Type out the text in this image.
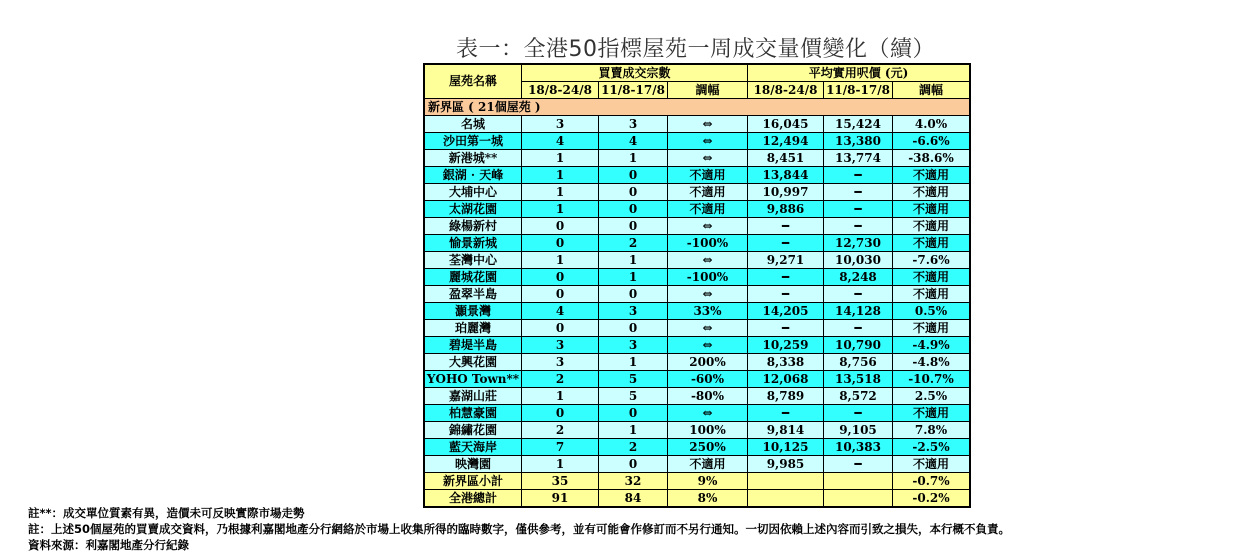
表一：全港50指標屋苑一周成交量價變化（續）
屋苑名稱	買賣成交宗數			平均實用呎價 (元)		
	18/8-24/8	11/8-17/8	調幅	18/8-24/8	11/8-17/8	調幅
新界區 ( 21個屋苑 )						
名城	3	3	⇔	16,045	15,424	4.0%
沙田第一城	4	4	⇔	12,494	13,380	-6.6%
新港城**	1	1	⇔	8,451	13,774	-38.6%
銀湖 · 天峰	1	0	不適用	13,844	━	不適用
大埔中心	1	0	不適用	10,997	━	不適用
太湖花園	1	0	不適用	9,886	━	不適用
綠楊新村	0	0	⇔	━	━	不適用
愉景新城	0	2	-100%	━	12,730	不適用
荃灣中心	1	1	⇔	9,271	10,030	-7.6%
麗城花園	0	1	-100%	━	8,248	不適用
盈翠半島	0	0	⇔	━	━	不適用
灝景灣	4	3	33%	14,205	14,128	0.5%
珀麗灣	0	0	⇔	━	━	不適用
碧堤半島	3	3	⇔	10,259	10,790	-4.9%
大興花園	3	1	200%	8,338	8,756	-4.8%
YOHO Town**	2	5	-60%	12,068	13,518	-10.7%
嘉湖山莊	1	5	-80%	8,789	8,572	2.5%
柏慧豪園	0	0	⇔	━	━	不適用
錦繡花園	2	1	100%	9,814	9,105	7.8%
藍天海岸	7	2	250%	10,125	10,383	-2.5%
映灣園	1	0	不適用	9,985	━	不適用
新界區小計	35	32	9%			-0.7%
全港總計	91	84	8%			-0.2%
註**：成交單位質素有異，造價未可反映實際市場走勢
註：上述50個屋苑的買賣成交資料，乃根據利嘉閣地產分行網絡於市場上收集所得的臨時數字，僅供參考，並有可能會作修訂而不另行通知。一切因依賴上述內容而引致之損失，本行概不負責。
資料來源：利嘉閣地產分行紀錄
